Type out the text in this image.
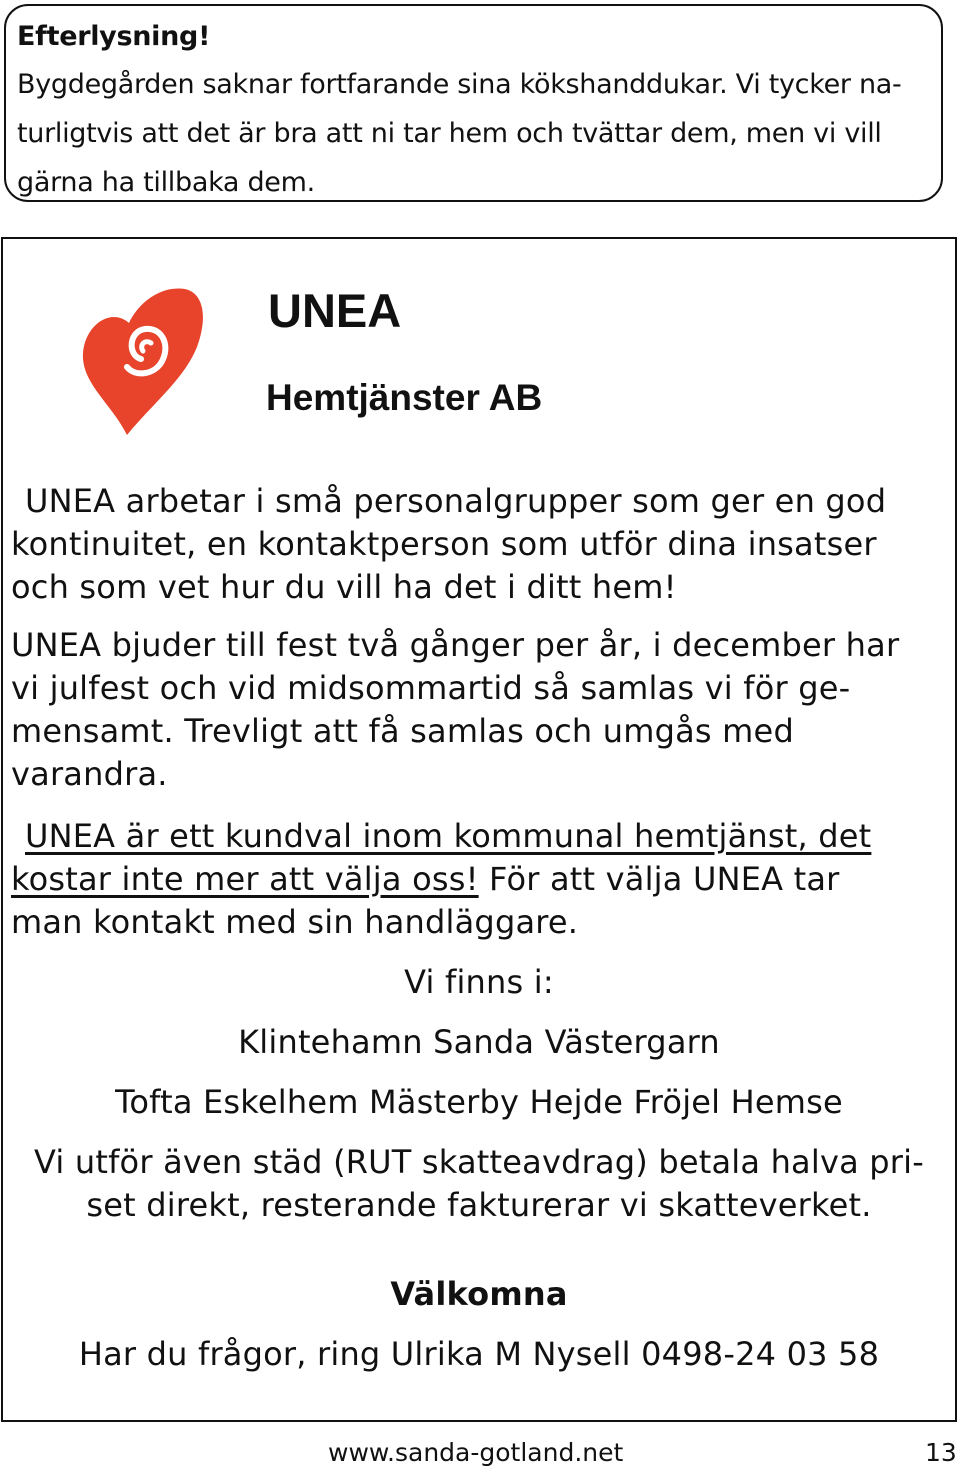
Efterlysning!

Bygdegården saknar fortfarande sina kökshanddukar. Vi tycker na-

turligtvis att det är bra att ni tar hem och tvättar dem, men vi vill

gärna ha tillbaka dem.

UNEA

Hemtjänster AB

UNEA arbetar i små personalgrupper som ger en god
kontinuitet, en kontaktperson som utför dina insatser
och som vet hur du vill ha det i ditt hem!
UNEA bjuder till fest två gånger per år, i december har
vi julfest och vid midsommartid så samlas vi för ge-
mensamt. Trevligt att få samlas och umgås med
varandra.
UNEA är ett kundval inom kommunal hemtjänst, det
kostar inte mer att välja oss! För att välja UNEA tar
man kontakt med sin handläggare.

Vi finns i:

Klintehamn Sanda Västergarn

Tofta Eskelhem Mästerby Hejde Fröjel Hemse

Vi utför även städ (RUT skatteavdrag) betala halva pri-
set direkt, resterande fakturerar vi skatteverket.

Välkomna

Har du frågor, ring Ulrika M Nysell 0498-24 03 58

www.sanda-gotland.net	13
